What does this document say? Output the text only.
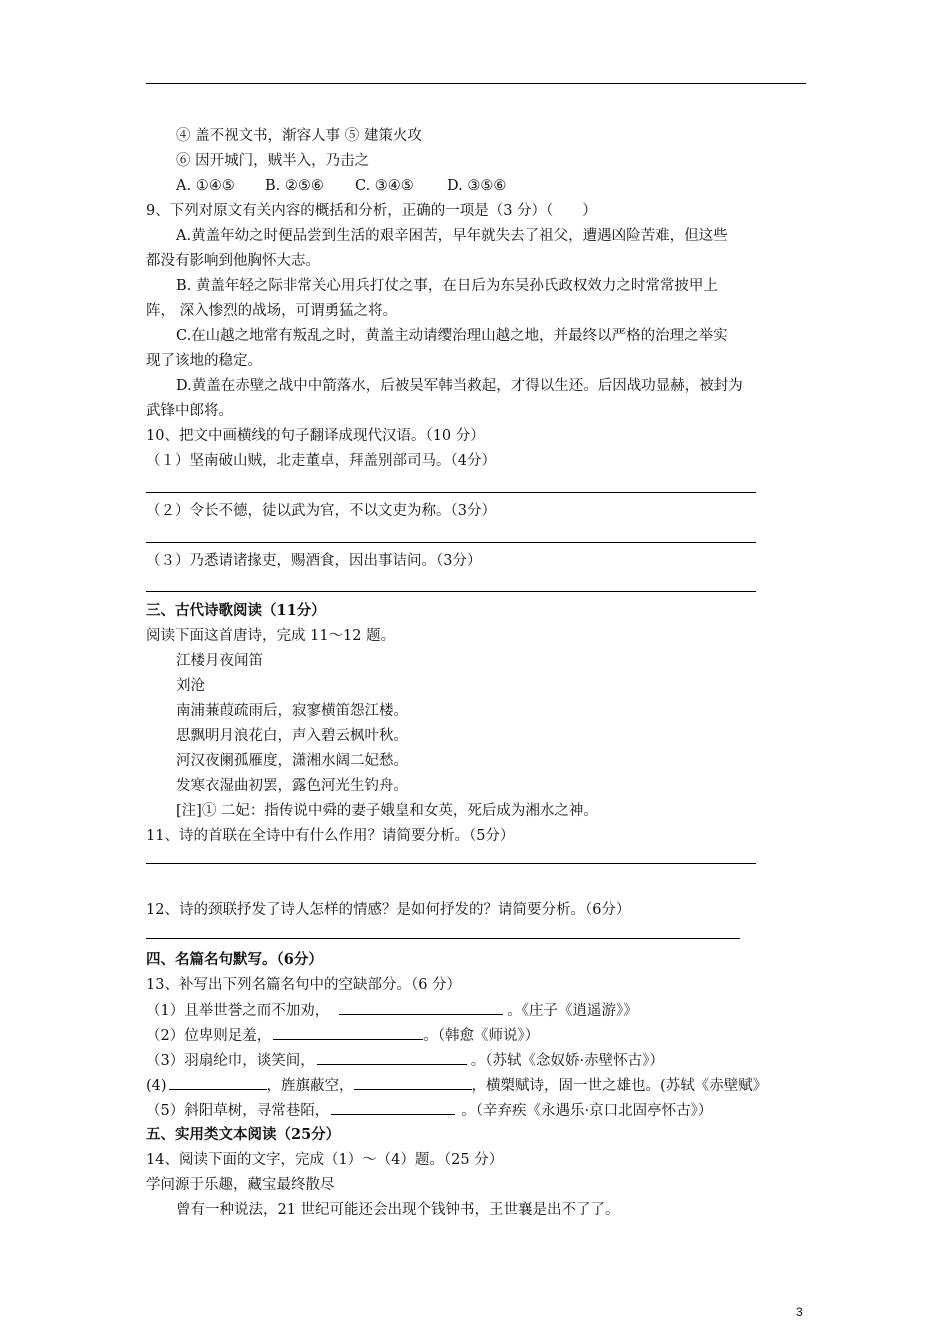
④ 盖不视文书，渐容人事 ⑤ 建策火攻
⑥ 因开城门，贼半入，乃击之
A. ①④⑤ B. ②⑤⑥ C. ③④⑤ D. ③⑤⑥
9、下列对原文有关内容的概括和分析，正确的一项是（3 分）（　　）
A.黄盖年幼之时便品尝到生活的艰辛困苦，早年就失去了祖父，遭遇凶险苦难，但这些
都没有影响到他胸怀大志。
B. 黄盖年轻之际非常关心用兵打仗之事，在日后为东吴孙氏政权效力之时常常披甲上
阵， 深入惨烈的战场，可谓勇猛之将。
C.在山越之地常有叛乱之时，黄盖主动请缨治理山越之地，并最终以严格的治理之举实
现了该地的稳定。
D.黄盖在赤壁之战中中箭落水，后被吴军韩当救起，才得以生还。后因战功显赫，被封为
武锋中郎将。
10、把文中画横线的句子翻译成现代汉语。（10 分）
（１）坚南破山贼，北走董卓，拜盖别部司马。（4分）
（２）令长不德，徒以武为官，不以文吏为称。（3分）
（３）乃悉请诸掾吏，赐酒食，因出事诘问。（3分）
三、古代诗歌阅读（11分）
阅读下面这首唐诗，完成 11～12 题。
江楼月夜闻笛
刘沧
南浦蒹葭疏雨后，寂寥横笛怨江楼。
思飘明月浪花白，声入碧云枫叶秋。
河汉夜阑孤雁度，潇湘水阔二妃愁。
发寒衣湿曲初罢，露色河光生钓舟。
[注]① 二妃：指传说中舜的妻子娥皇和女英，死后成为湘水之神。
11、诗的首联在全诗中有什么作用？请简要分析。（5分）
12、诗的颈联抒发了诗人怎样的情感？是如何抒发的？请简要分析。（6分）
四、名篇名句默写。（6分）
13、补写出下列名篇名句中的空缺部分。（6 分）
（1）且举世誉之而不加劝，	。《庄子《逍遥游》》
（2）位卑则足羞，	。（韩愈《师说》）
（3）羽扇纶巾，谈笑间，	。（苏轼《念奴娇·赤壁怀古》）
(4)	，旌旗蔽空，	，横槊赋诗，固一世之雄也。(苏轼《赤壁赋》
（5）斜阳草树，寻常巷陌，	。（辛弃疾《永遇乐·京口北固亭怀古》）
五、实用类文本阅读（25分）
14、阅读下面的文字，完成（1）～（4）题。（25 分）
学问源于乐趣，藏宝最终散尽
曾有一种说法，21 世纪可能还会出现个钱钟书，王世襄是出不了了。
3
